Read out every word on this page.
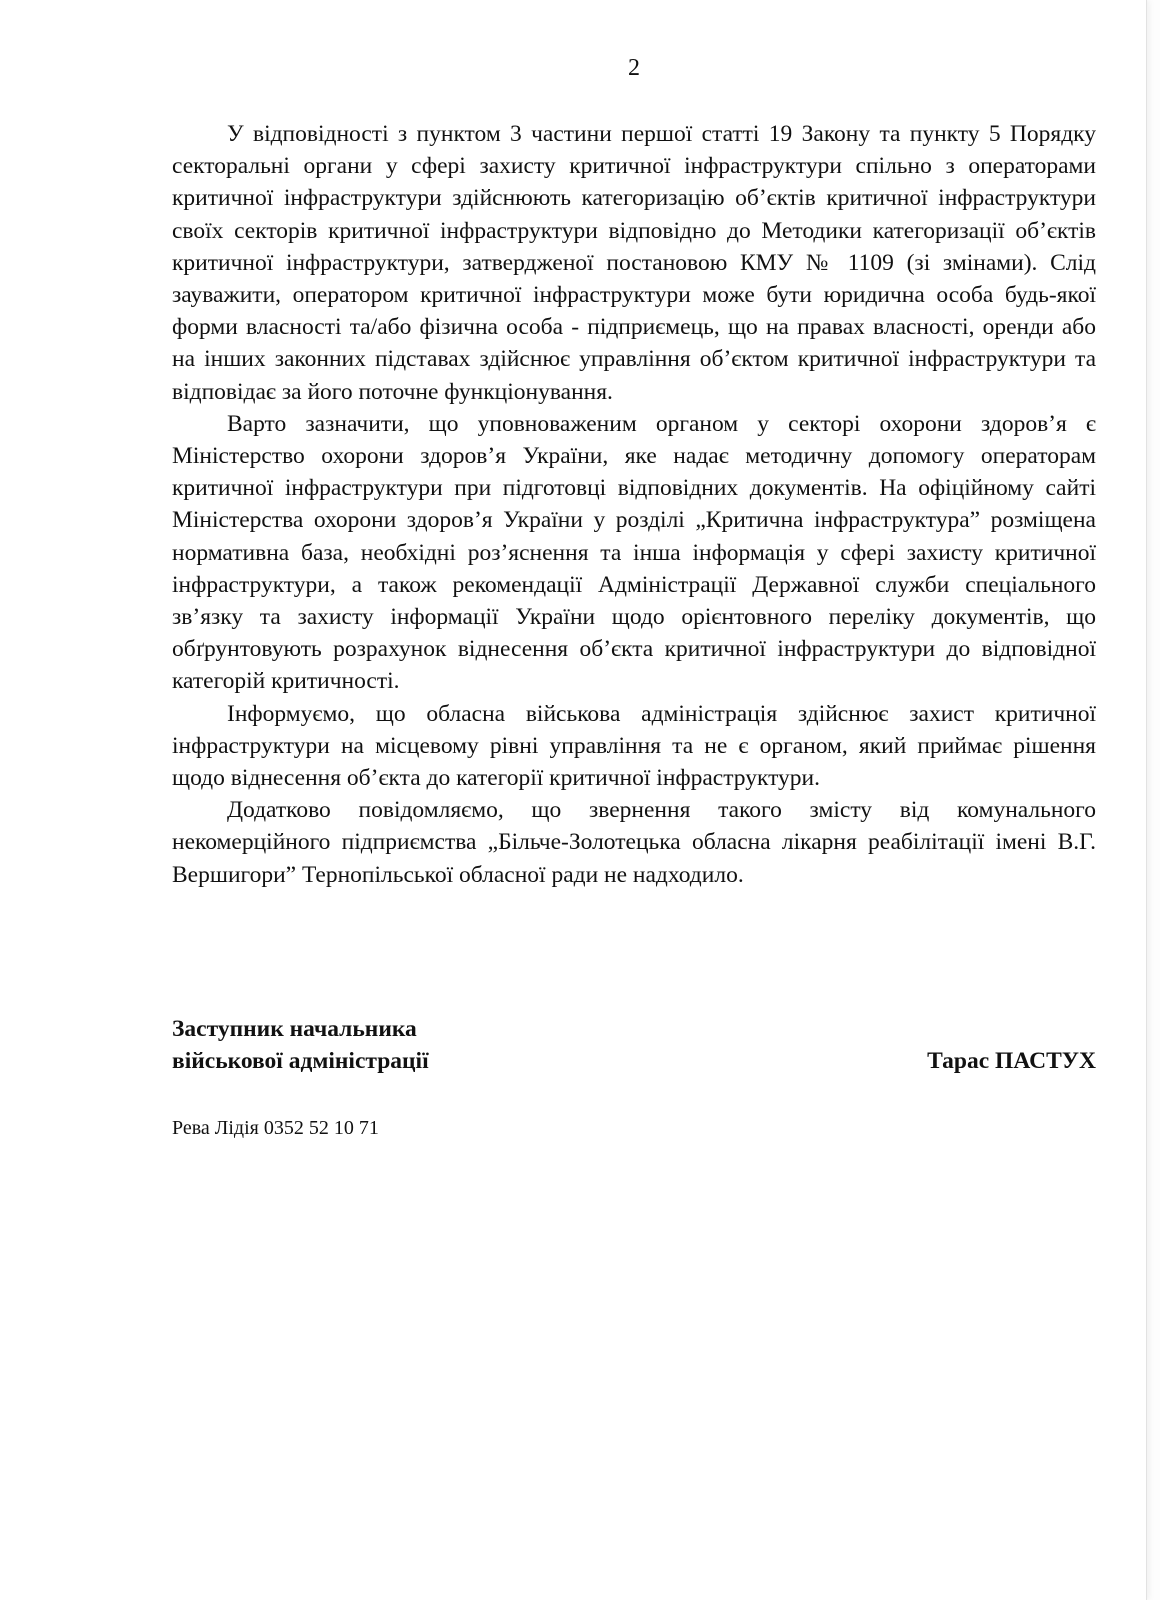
2

У відповідності з пунктом 3 частини першої статті 19 Закону та пункту 5 Порядку секторальні органи у сфері захисту критичної інфраструктури спільно з операторами критичної інфраструктури здійснюють категоризацію об’єктів критичної інфраструктури своїх секторів критичної інфраструктури відповідно до Методики категоризації об’єктів критичної інфраструктури, затвердженої постановою КМУ № 1109 (зі змінами). Слід зауважити, оператором критичної інфраструктури може бути юридична особа будь-якої форми власності та/або фізична особа - підприємець, що на правах власності, оренди або на інших законних підставах здійснює управління об’єктом критичної інфраструктури та відповідає за його поточне функціонування.

Варто зазначити, що уповноваженим органом у секторі охорони здоров’я є Міністерство охорони здоров’я України, яке надає методичну допомогу операторам критичної інфраструктури при підготовці відповідних документів. На офіційному сайті Міністерства охорони здоров’я України у розділі „Критична інфраструктура” розміщена нормативна база, необхідні роз’яснення та інша інформація у сфері захисту критичної інфраструктури, а також рекомендації Адміністрації Державної служби спеціального зв’язку та захисту інформації України щодо орієнтовного переліку документів, що обґрунтовують розрахунок віднесення об’єкта критичної інфраструктури до відповідної категорій критичності.

Інформуємо, що обласна військова адміністрація здійснює захист критичної інфраструктури на місцевому рівні управління та не є органом, який приймає рішення щодо віднесення об’єкта до категорії критичної інфраструктури.

Додатково повідомляємо, що звернення такого змісту від комунального некомерційного підприємства „Більче-Золотецька обласна лікарня реабілітації імені В.Г. Вершигори” Тернопільської обласної ради не надходило.

Заступник начальника
військової адміністрації	Тарас ПАСТУХ
Рева Лідія 0352 52 10 71
